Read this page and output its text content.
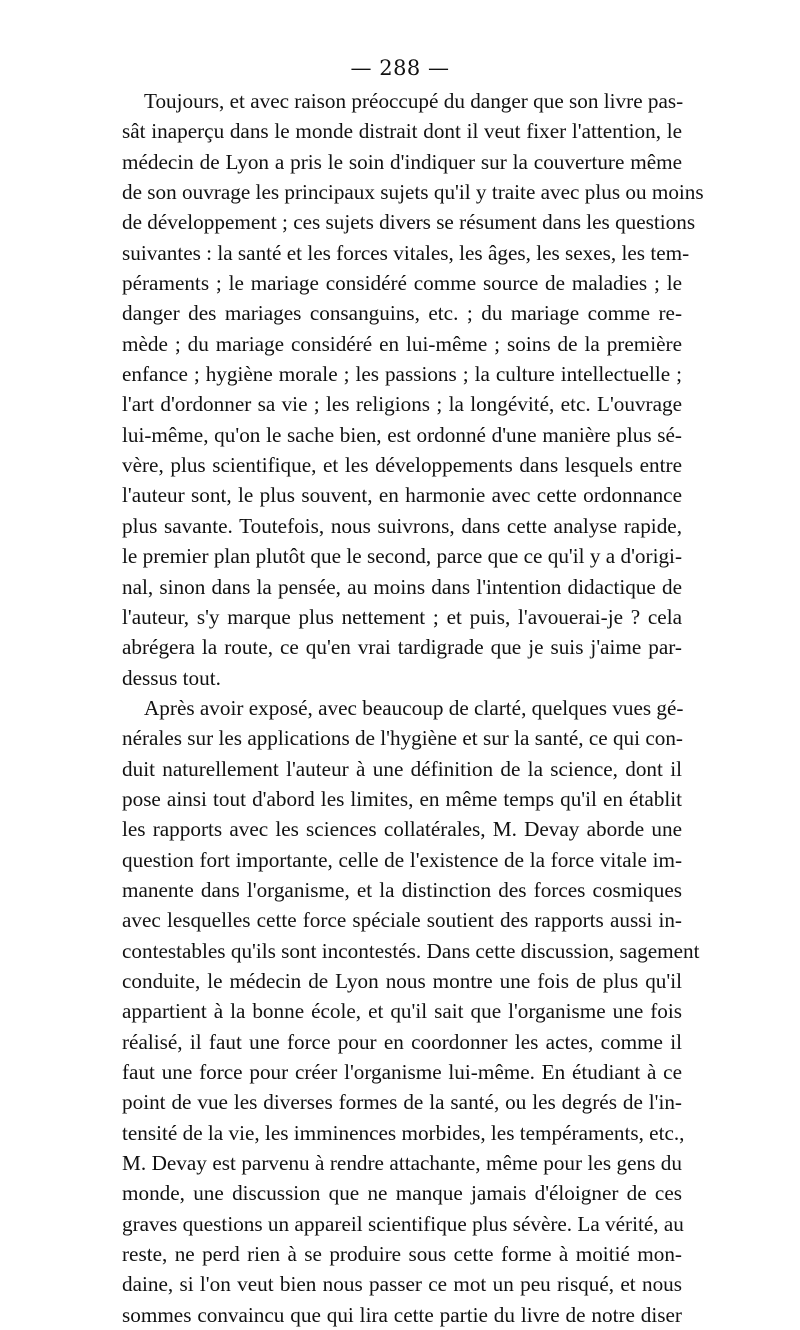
— 288 —
Toujours, et avec raison préoccupé du danger que son livre pas-
sât inaperçu dans le monde distrait dont il veut fixer l'attention, le
médecin de Lyon a pris le soin d'indiquer sur la couverture même
de son ouvrage les principaux sujets qu'il y traite avec plus ou moins
de développement ; ces sujets divers se résument dans les questions
suivantes : la santé et les forces vitales, les âges, les sexes, les tem-
péraments ; le mariage considéré comme source de maladies ; le
danger des mariages consanguins, etc. ; du mariage comme re-
mède ; du mariage considéré en lui-même ; soins de la première
enfance ; hygiène morale ; les passions ; la culture intellectuelle ;
l'art d'ordonner sa vie ; les religions ; la longévité, etc. L'ouvrage
lui-même, qu'on le sache bien, est ordonné d'une manière plus sé-
vère, plus scientifique, et les développements dans lesquels entre
l'auteur sont, le plus souvent, en harmonie avec cette ordonnance
plus savante. Toutefois, nous suivrons, dans cette analyse rapide,
le premier plan plutôt que le second, parce que ce qu'il y a d'origi-
nal, sinon dans la pensée, au moins dans l'intention didactique de
l'auteur, s'y marque plus nettement ; et puis, l'avouerai-je ? cela
abrégera la route, ce qu'en vrai tardigrade que je suis j'aime par-
dessus tout.
Après avoir exposé, avec beaucoup de clarté, quelques vues gé-
nérales sur les applications de l'hygiène et sur la santé, ce qui con-
duit naturellement l'auteur à une définition de la science, dont il
pose ainsi tout d'abord les limites, en même temps qu'il en établit
les rapports avec les sciences collatérales, M. Devay aborde une
question fort importante, celle de l'existence de la force vitale im-
manente dans l'organisme, et la distinction des forces cosmiques
avec lesquelles cette force spéciale soutient des rapports aussi in-
contestables qu'ils sont incontestés. Dans cette discussion, sagement
conduite, le médecin de Lyon nous montre une fois de plus qu'il
appartient à la bonne école, et qu'il sait que l'organisme une fois
réalisé, il faut une force pour en coordonner les actes, comme il
faut une force pour créer l'organisme lui-même. En étudiant à ce
point de vue les diverses formes de la santé, ou les degrés de l'in-
tensité de la vie, les imminences morbides, les tempéraments, etc.,
M. Devay est parvenu à rendre attachante, même pour les gens du
monde, une discussion que ne manque jamais d'éloigner de ces
graves questions un appareil scientifique plus sévère. La vérité, au
reste, ne perd rien à se produire sous cette forme à moitié mon-
daine, si l'on veut bien nous passer ce mot un peu risqué, et nous
sommes convaincu que qui lira cette partie du livre de notre diser
